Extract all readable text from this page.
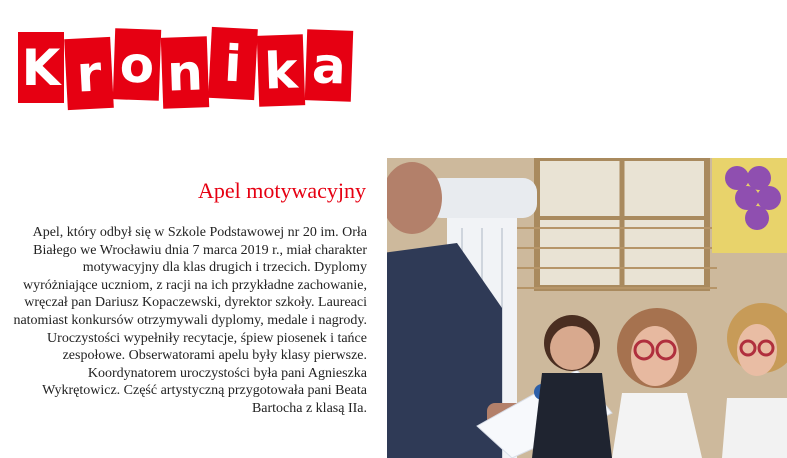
K r o n i k a
Apel motywacyjny

Apel, który odbył się w Szkole Podstawowej nr 20 im. Orła Białego we Wrocławiu dnia 7 marca 2019 r., miał charakter motywacyjny dla klas drugich i trzecich. Dyplomy wyróżniające uczniom, z racji na ich przykładne zachowanie, wręczał pan Dariusz Kopaczewski, dyrektor szkoły. Laureaci natomiast konkursów otrzymywali dyplomy, medale i nagrody. Uroczystości wypełniły recytacje, śpiew piosenek i tańce zespołowe. Obserwatorami apelu były klasy pierwsze. Koordynatorem uroczystości była pani Agnieszka Wykrętowicz. Część artystyczną przygotowała pani Beata Bartocha z klasą IIa.
